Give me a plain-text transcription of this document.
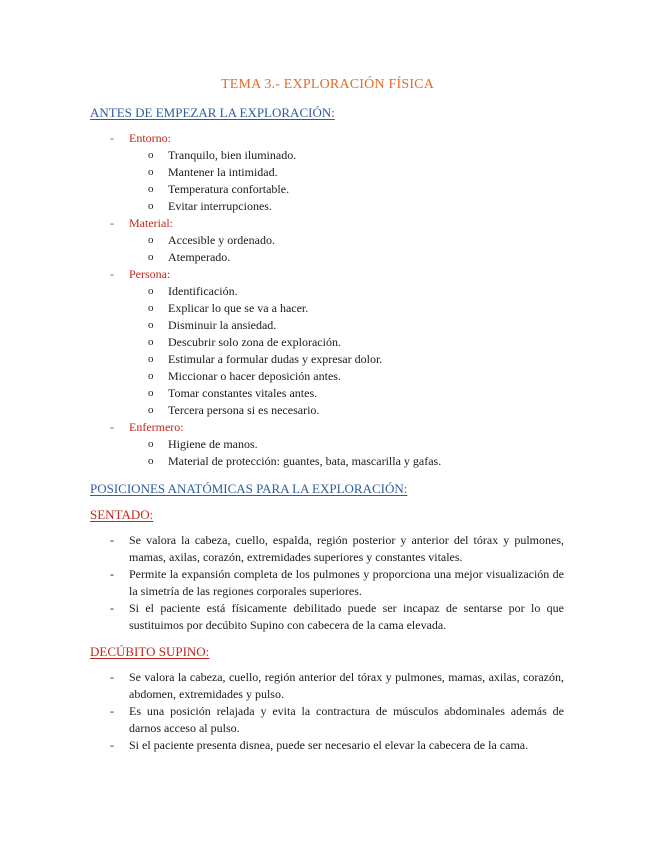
TEMA 3.- EXPLORACIÓN FÍSICA
ANTES DE EMPEZAR LA EXPLORACIÓN:
- Entorno:
o Tranquilo, bien iluminado.
o Mantener la intimidad.
o Temperatura confortable.
o Evitar interrupciones.
- Material:
o Accesible y ordenado.
o Atemperado.
- Persona:
o Identificación.
o Explicar lo que se va a hacer.
o Disminuir la ansiedad.
o Descubrir solo zona de exploración.
o Estimular a formular dudas y expresar dolor.
o Miccionar o hacer deposición antes.
o Tomar constantes vitales antes.
o Tercera persona si es necesario.
- Enfermero:
o Higiene de manos.
o Material de protección: guantes, bata, mascarilla y gafas.
POSICIONES ANATÓMICAS PARA LA EXPLORACIÓN:
SENTADO:
- Se valora la cabeza, cuello, espalda, región posterior y anterior del tórax y pulmones, mamas, axilas, corazón, extremidades superiores y constantes vitales.
- Permite la expansión completa de los pulmones y proporciona una mejor visualización de la simetría de las regiones corporales superiores.
- Si el paciente está físicamente debilitado puede ser incapaz de sentarse por lo que sustituimos por decúbito Supino con cabecera de la cama elevada.
DECÚBITO SUPINO:
- Se valora la cabeza, cuello, región anterior del tórax y pulmones, mamas, axilas, corazón, abdomen, extremidades y pulso.
- Es una posición relajada y evita la contractura de músculos abdominales además de darnos acceso al pulso.
- Si el paciente presenta disnea, puede ser necesario el elevar la cabecera de la cama.
